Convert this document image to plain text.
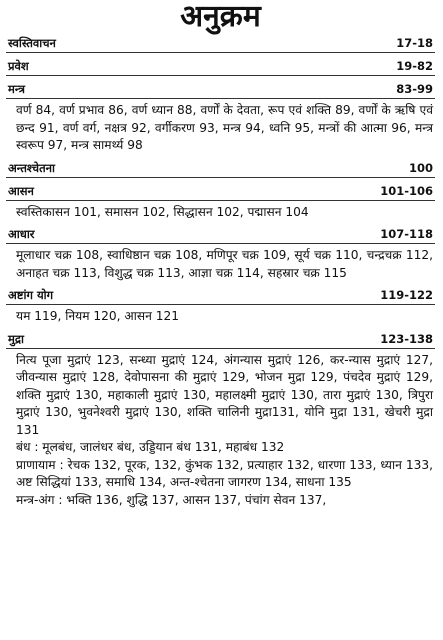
अनुक्रम
स्वस्तिवाचन	17-18
प्रवेश	19-82
मन्त्र	83-99

वर्ण 84, वर्ण प्रभाव 86, वर्ण ध्यान 88, वर्णों के देवता, रूप एवं शक्ति 89, वर्णों के ऋषि एवं छन्द 91, वर्ण वर्ग, नक्षत्र 92, वर्गीकरण 93, मन्त्र 94, ध्वनि 95, मन्त्रों की आत्मा 96, मन्त्र स्वरूप 97, मन्त्र सामर्थ्य 98

अन्तश्चेतना	100
आसन	101-106

स्वस्तिकासन 101, समासन 102, सिद्धासन 102, पद्मासन 104

आधार	107-118

मूलाधार चक्र 108, स्वाधिष्ठान चक्र 108, मणिपूर चक्र 109, सूर्य चक्र 110, चन्द्रचक्र 112, अनाहत चक्र 113, विशुद्ध चक्र 113, आज्ञा चक्र 114, सहस्रार चक्र 115

अष्टांग योग	119-122

यम 119, नियम 120, आसन 121

मुद्रा	123-138

नित्य पूजा मुद्राएं 123, सन्ध्या मुद्राएं 124, अंगन्यास मुद्राएं 126, कर-न्यास मुद्राएं 127, जीवन्यास मुद्राएं 128, देवोपासना की मुद्राएं 129, भोजन मुद्रा 129, पंचदेव मुद्राएं 129, शक्ति मुद्राएं 130, महाकाली मुद्राएं 130, महालक्ष्मी मुद्राएं 130, तारा मुद्राएं 130, त्रिपुरा मुद्राएं 130, भुवनेश्वरी मुद्राएं 130, शक्ति चालिनी मुद्रा131, योनि मुद्रा 131, खेचरी मुद्रा 131

बंध : मूलबंध, जालंधर बंध, उड्डियान बंध 131, महाबंध 132

प्राणायाम : रेचक 132, पूरक, 132, कुंभक 132, प्रत्याहार 132, धारणा 133, ध्यान 133, अष्ट सिद्धियां 133, समाधि 134, अन्त-श्चेतना जागरण 134, साधना 135

मन्त्र-अंग : भक्ति 136, शुद्धि 137, आसन 137, पंचांग सेवन 137,
